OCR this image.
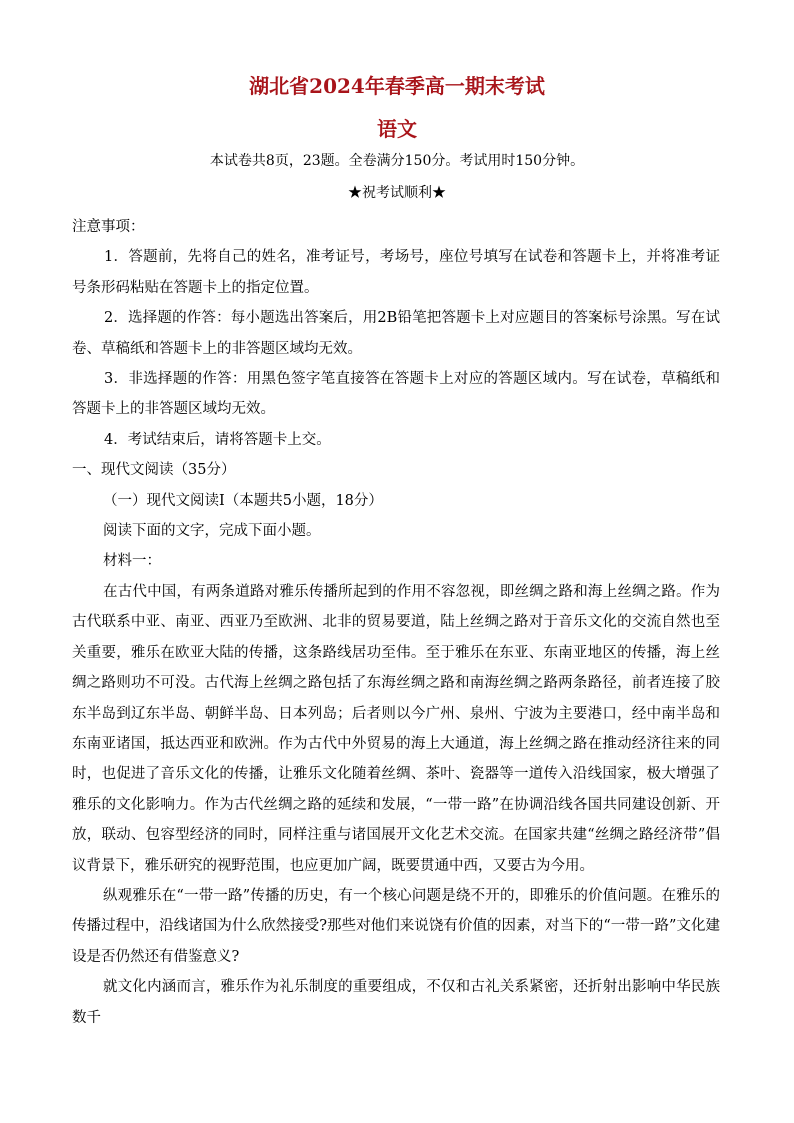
湖北省2024年春季高一期末考试
语文
本试卷共8页，23题。全卷满分150分。考试用时150分钟。
★祝考试顺利★

注意事项：

1．答题前，先将自己的姓名，准考证号，考场号，座位号填写在试卷和答题卡上，并将准考证号条形码粘贴在答题卡上的指定位置。

2．选择题的作答：每小题选出答案后，用2B铅笔把答题卡上对应题目的答案标号涂黑。写在试卷、草稿纸和答题卡上的非答题区域均无效。

3．非选择题的作答：用黑色签字笔直接答在答题卡上对应的答题区域内。写在试卷，草稿纸和答题卡上的非答题区域均无效。

4．考试结束后，请将答题卡上交。

一、现代文阅读（35分）

（一）现代文阅读Ⅰ（本题共5小题，18分）

阅读下面的文字，完成下面小题。

材料一：

在古代中国，有两条道路对雅乐传播所起到的作用不容忽视，即丝绸之路和海上丝绸之路。作为古代联系中亚、南亚、西亚乃至欧洲、北非的贸易要道，陆上丝绸之路对于音乐文化的交流自然也至关重要，雅乐在欧亚大陆的传播，这条路线居功至伟。至于雅乐在东亚、东南亚地区的传播，海上丝绸之路则功不可没。古代海上丝绸之路包括了东海丝绸之路和南海丝绸之路两条路径，前者连接了胶东半岛到辽东半岛、朝鲜半岛、日本列岛；后者则以今广州、泉州、宁波为主要港口，经中南半岛和东南亚诸国，抵达西亚和欧洲。作为古代中外贸易的海上大通道，海上丝绸之路在推动经济往来的同时，也促进了音乐文化的传播，让雅乐文化随着丝绸、茶叶、瓷器等一道传入沿线国家，极大增强了雅乐的文化影响力。作为古代丝绸之路的延续和发展，“一带一路”在协调沿线各国共同建设创新、开放，联动、包容型经济的同时，同样注重与诸国展开文化艺术交流。在国家共建“丝绸之路经济带”倡议背景下，雅乐研究的视野范围，也应更加广阔，既要贯通中西，又要古为今用。

纵观雅乐在“一带一路”传播的历史，有一个核心问题是绕不开的，即雅乐的价值问题。在雅乐的传播过程中，沿线诸国为什么欣然接受?那些对他们来说饶有价值的因素，对当下的“一带一路”文化建设是否仍然还有借鉴意义?

就文化内涵而言，雅乐作为礼乐制度的重要组成，不仅和古礼关系紧密，还折射出影响中华民族数千
